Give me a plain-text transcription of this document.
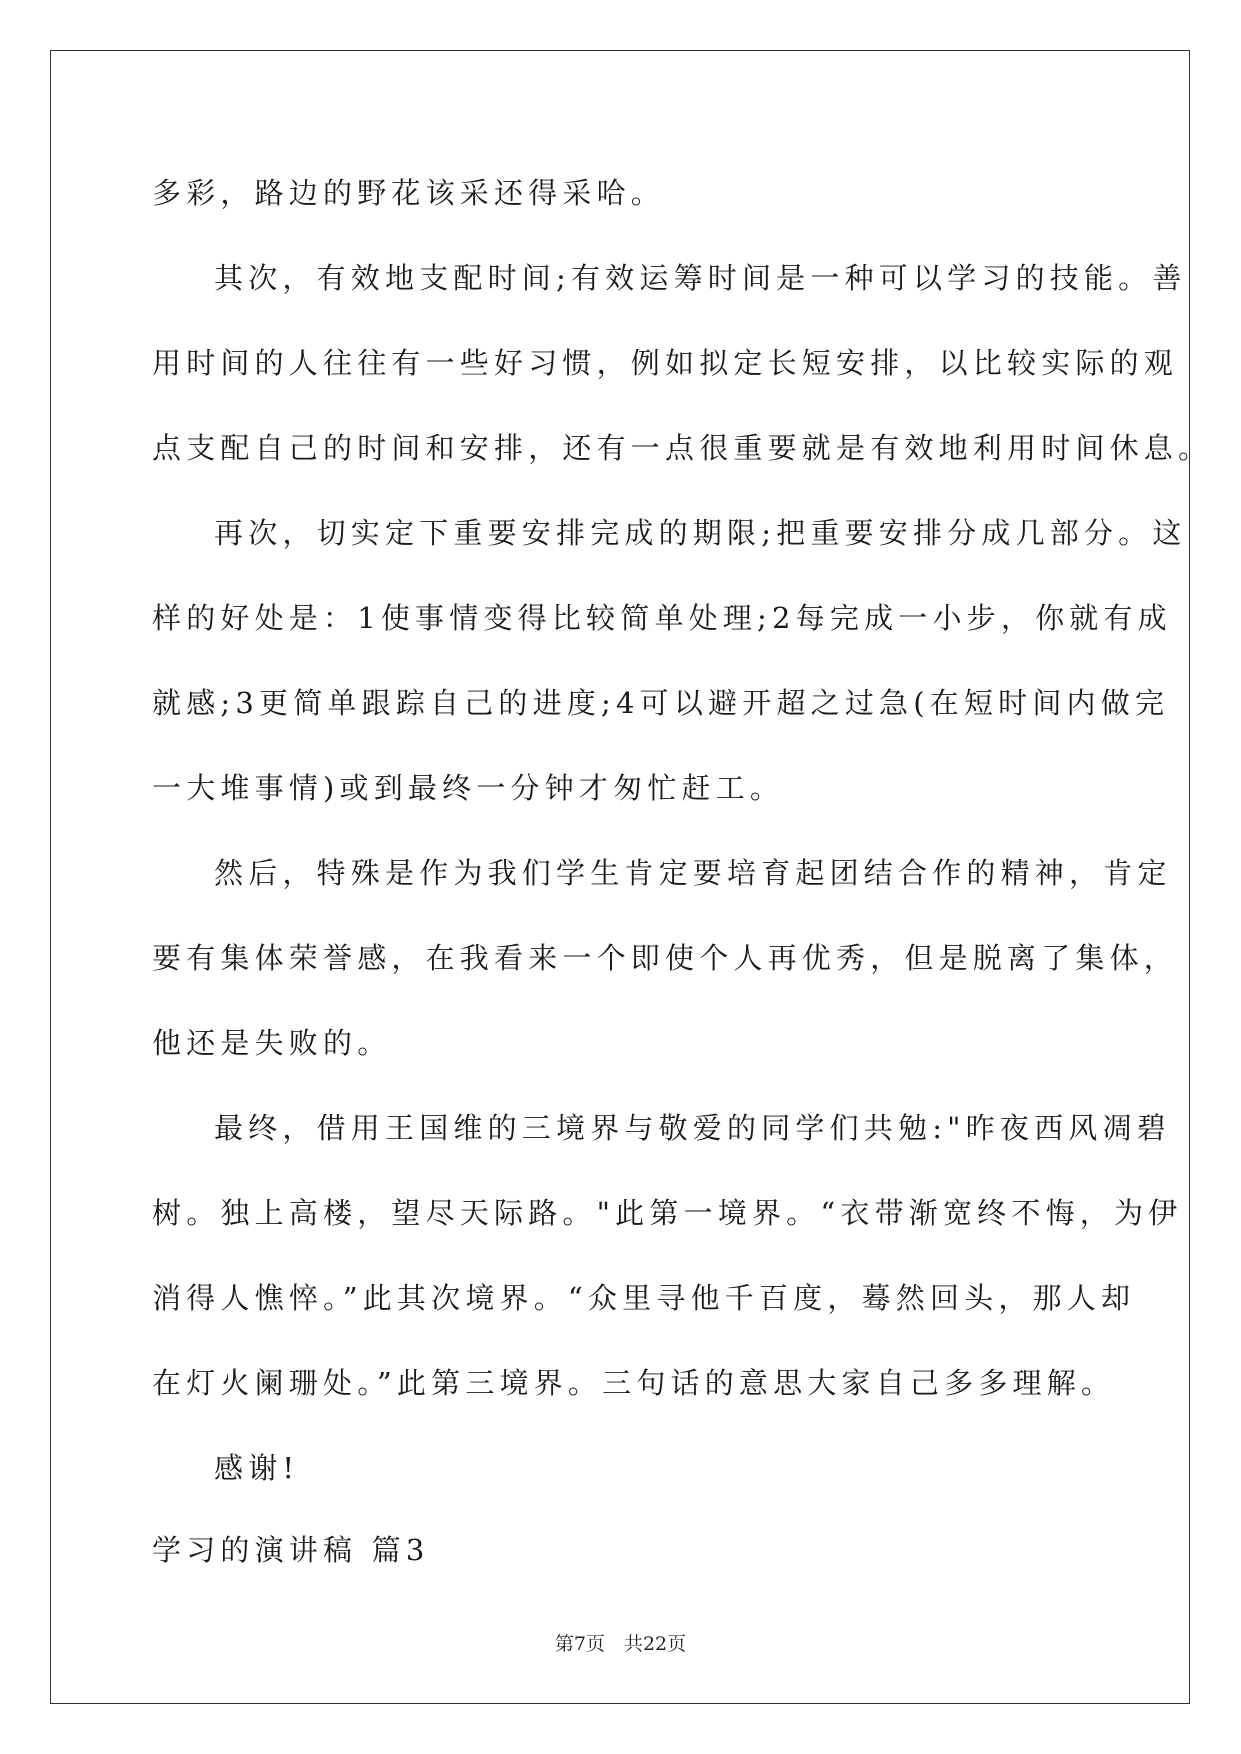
多彩，路边的野花该采还得采哈。

其次，有效地支配时间;有效运筹时间是一种可以学习的技能。善

用时间的人往往有一些好习惯，例如拟定长短安排，以比较实际的观

点支配自己的时间和安排，还有一点很重要就是有效地利用时间休息。

再次，切实定下重要安排完成的期限;把重要安排分成几部分。这

样的好处是：1使事情变得比较简单处理;2每完成一小步，你就有成

就感;3更简单跟踪自己的进度;4可以避开超之过急(在短时间内做完

一大堆事情)或到最终一分钟才匆忙赶工。

然后，特殊是作为我们学生肯定要培育起团结合作的精神，肯定

要有集体荣誉感，在我看来一个即使个人再优秀，但是脱离了集体，

他还是失败的。

最终，借用王国维的三境界与敬爱的同学们共勉:"昨夜西风凋碧

树。独上高楼，望尽天际路。"此第一境界。“衣带渐宽终不悔，为伊

消得人憔悴。”此其次境界。“众里寻他千百度，蓦然回头，那人却

在灯火阑珊处。”此第三境界。三句话的意思大家自己多多理解。

感谢!

学习的演讲稿 篇3

第7页　共22页
